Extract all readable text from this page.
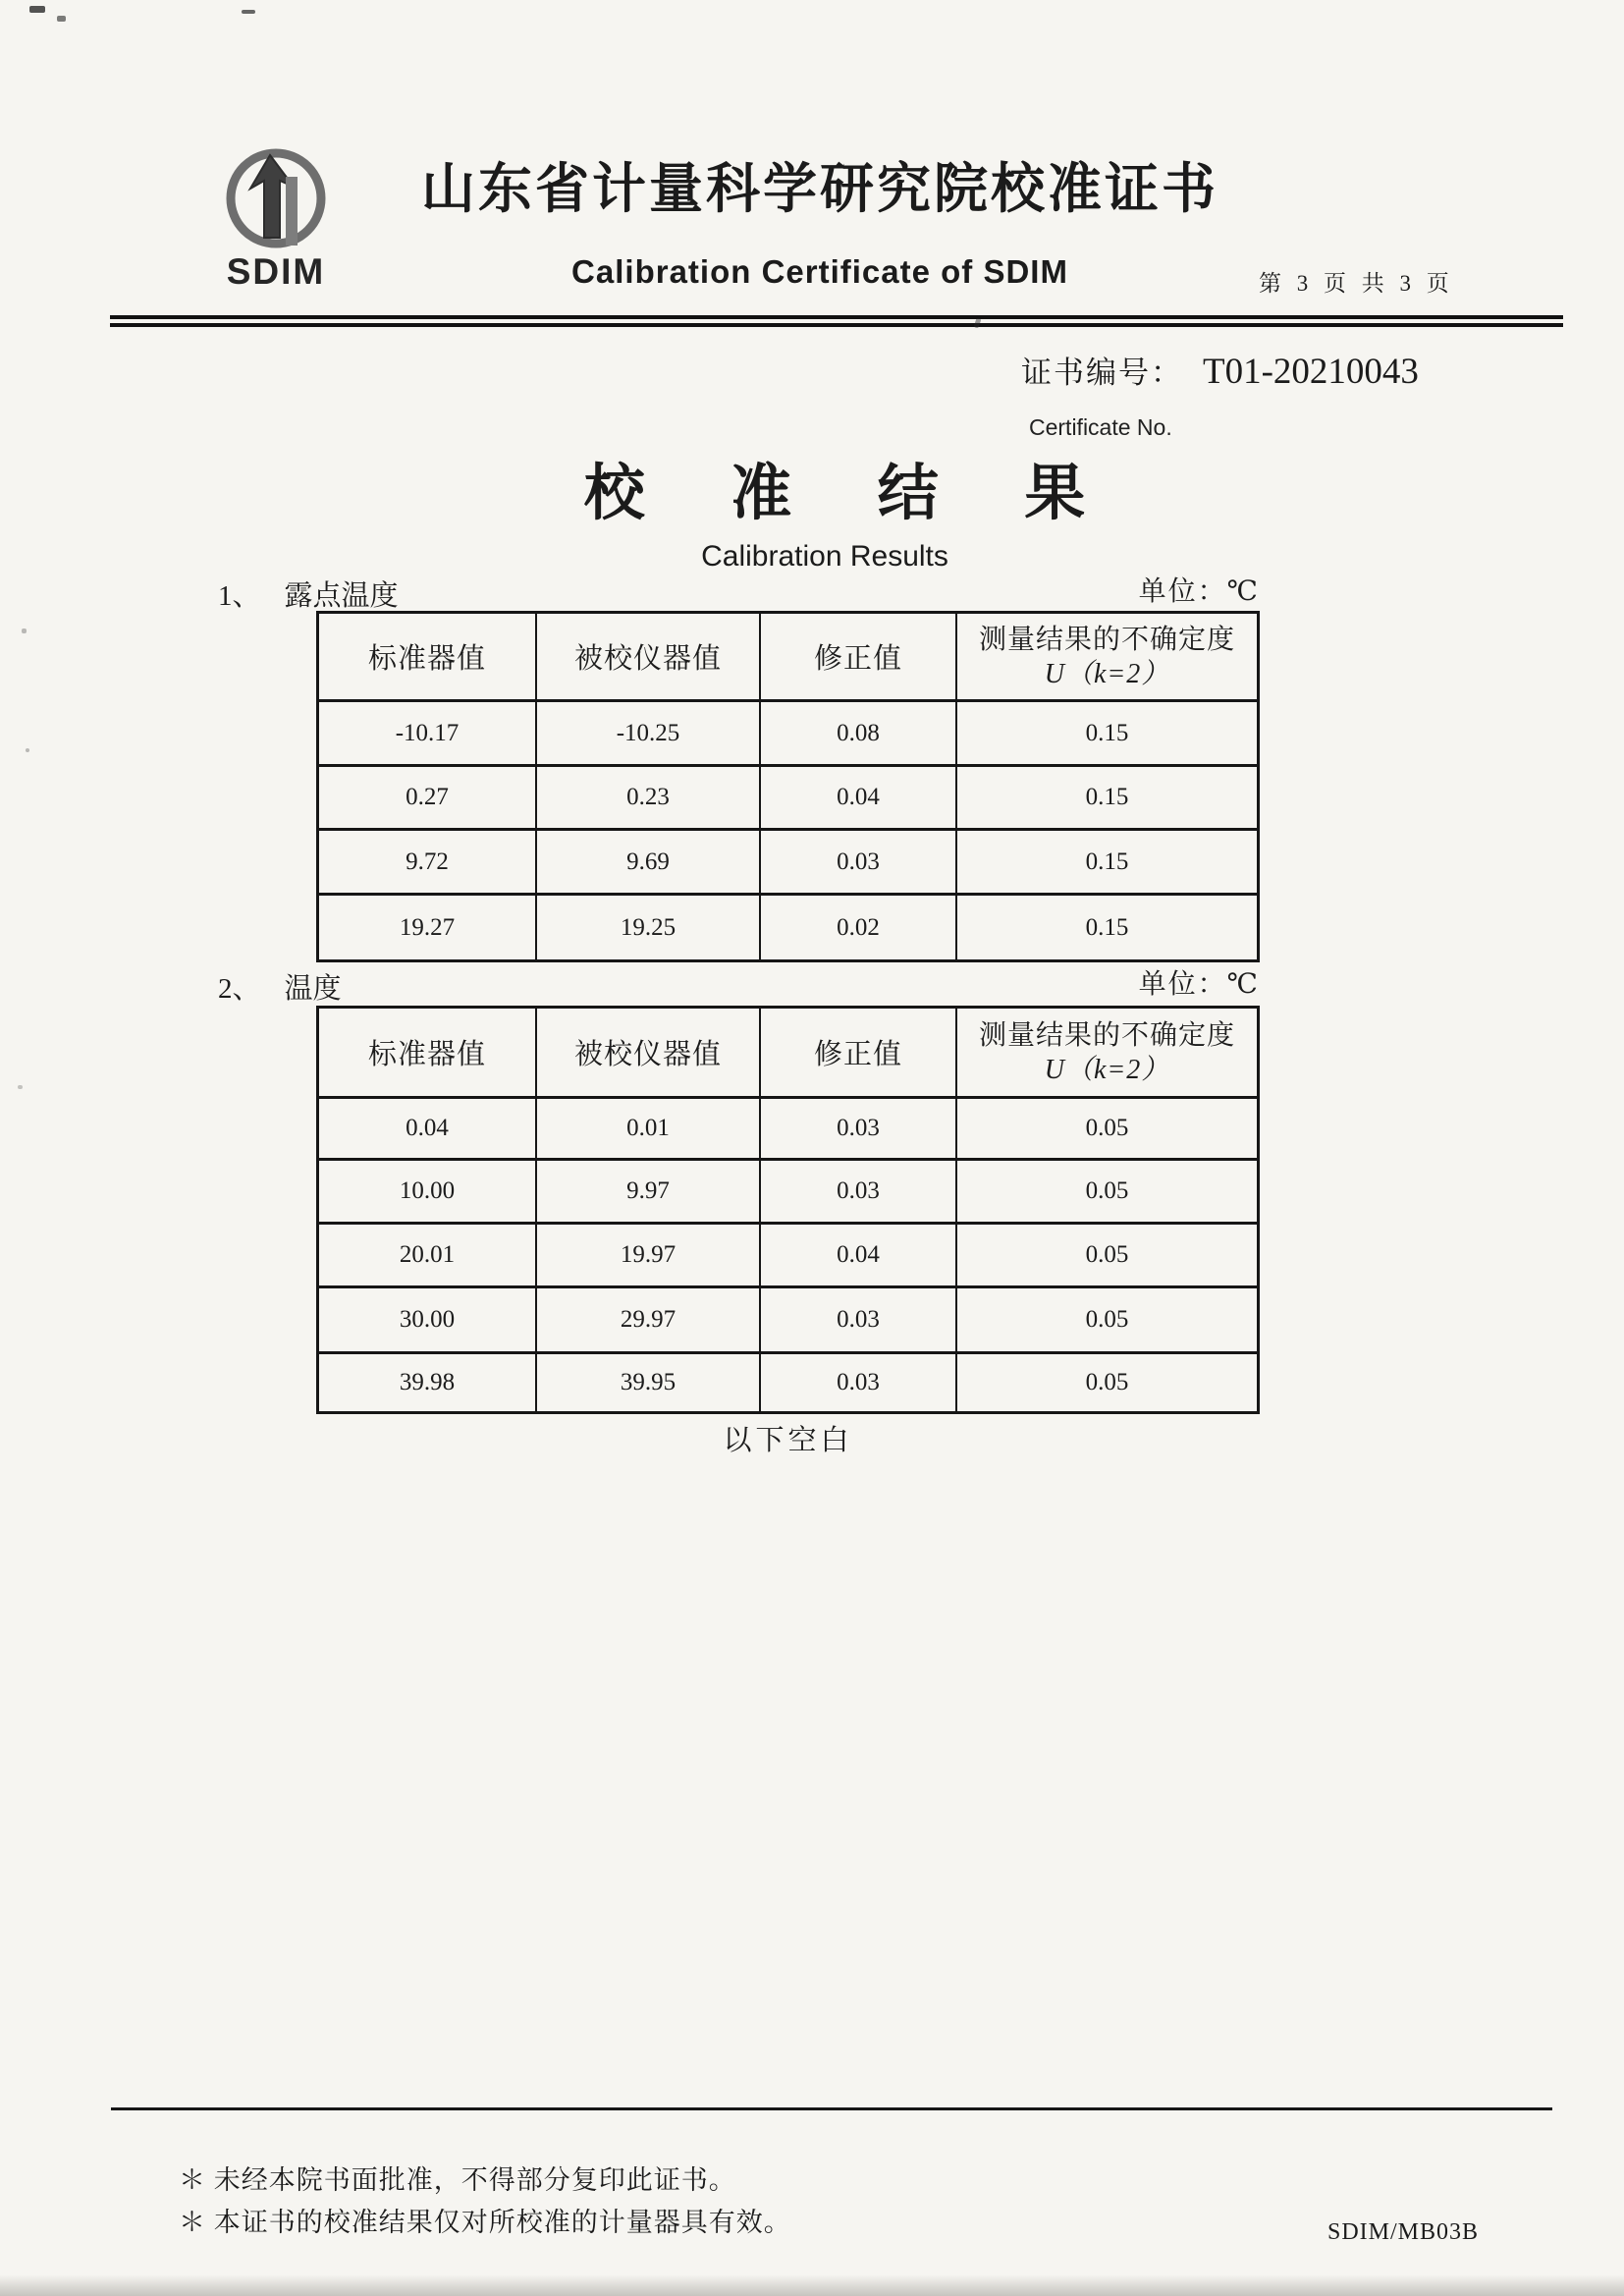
SDIM
山东省计量科学研究院校准证书
Calibration Certificate of SDIM	第 3 页 共 3 页
证书编号： T01-20210043
Certificate No.
校 准 结 果
Calibration Results
1、 露点温度	单位：℃
标准器值	被校仪器值	修正值
测量结果的不确定度
U（k=2）
-10.17	-10.25	0.08	0.15
0.27	0.23	0.04	0.15
9.72	9.69	0.03	0.15
19.27	19.25	0.02	0.15
2、 温度	单位：℃
标准器值	被校仪器值	修正值
测量结果的不确定度
U（k=2）
0.04	0.01	0.03	0.05
10.00	9.97	0.03	0.05
20.01	19.97	0.04	0.05
30.00	29.97	0.03	0.05
39.98	39.95	0.03	0.05
以下空白
＊ 未经本院书面批准，不得部分复印此证书。
＊ 本证书的校准结果仅对所校准的计量器具有效。	SDIM/MB03B
